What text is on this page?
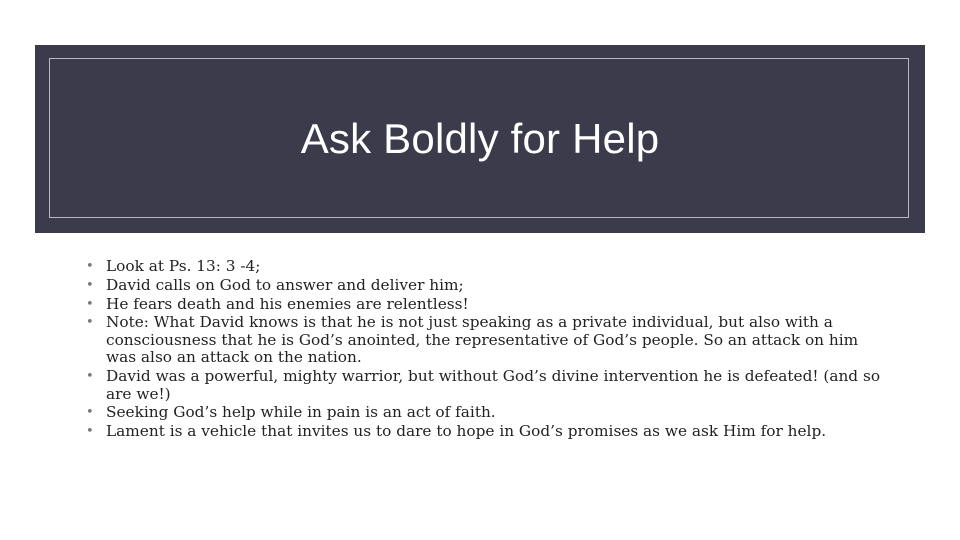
Ask Boldly for Help
• Look at Ps. 13: 3 -4;
• David calls on God to answer and deliver him;
• He fears death and his enemies are relentless!
• Note: What David knows is that he is not just speaking as a private individual, but also with a consciousness that he is God’s anointed, the representative of God’s people. So an attack on him was also an attack on the nation.
• David was a powerful, mighty warrior, but without God’s divine intervention he is defeated! (and so are we!)
• Seeking God’s help while in pain is an act of faith.
• Lament is a vehicle that invites us to dare to hope in God’s promises as we ask Him for help.
